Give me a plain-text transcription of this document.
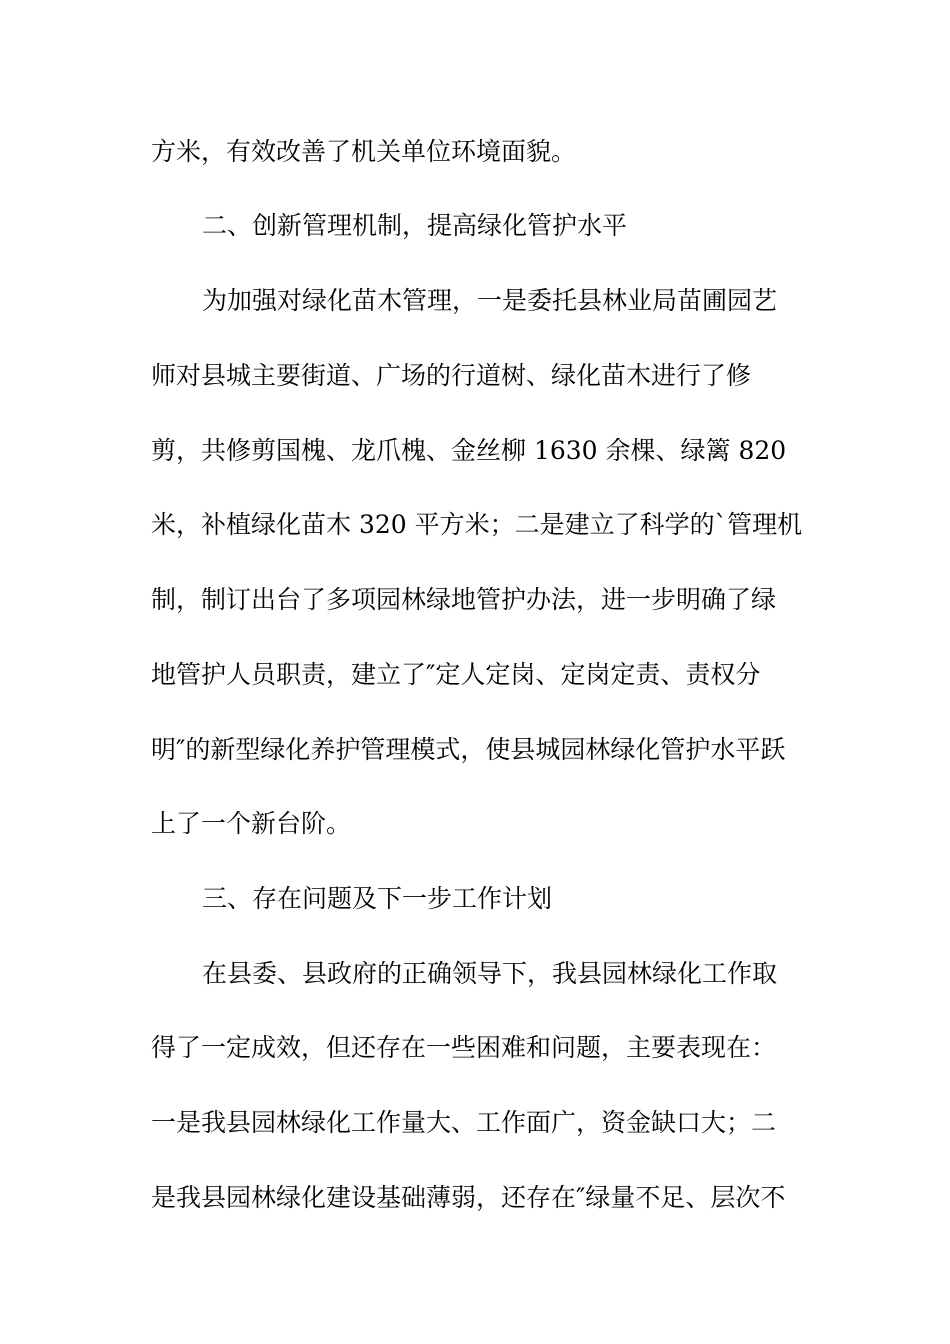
方米，有效改善了机关单位环境面貌。
二、创新管理机制，提高绿化管护水平
为加强对绿化苗木管理，一是委托县林业局苗圃园艺
师对县城主要街道、广场的行道树、绿化苗木进行了修
剪，共修剪国槐、龙爪槐、金丝柳 1630 余棵、绿篱 820
米，补植绿化苗木 320 平方米；二是建立了科学的`管理机
制，制订出台了多项园林绿地管护办法，进一步明确了绿
地管护人员职责，建立了″定人定岗、定岗定责、责权分
明″的新型绿化养护管理模式，使县城园林绿化管护水平跃
上了一个新台阶。
三、存在问题及下一步工作计划
在县委、县政府的正确领导下，我县园林绿化工作取
得了一定成效，但还存在一些困难和问题，主要表现在：
一是我县园林绿化工作量大、工作面广，资金缺口大；二
是我县园林绿化建设基础薄弱，还存在″绿量不足、层次不
